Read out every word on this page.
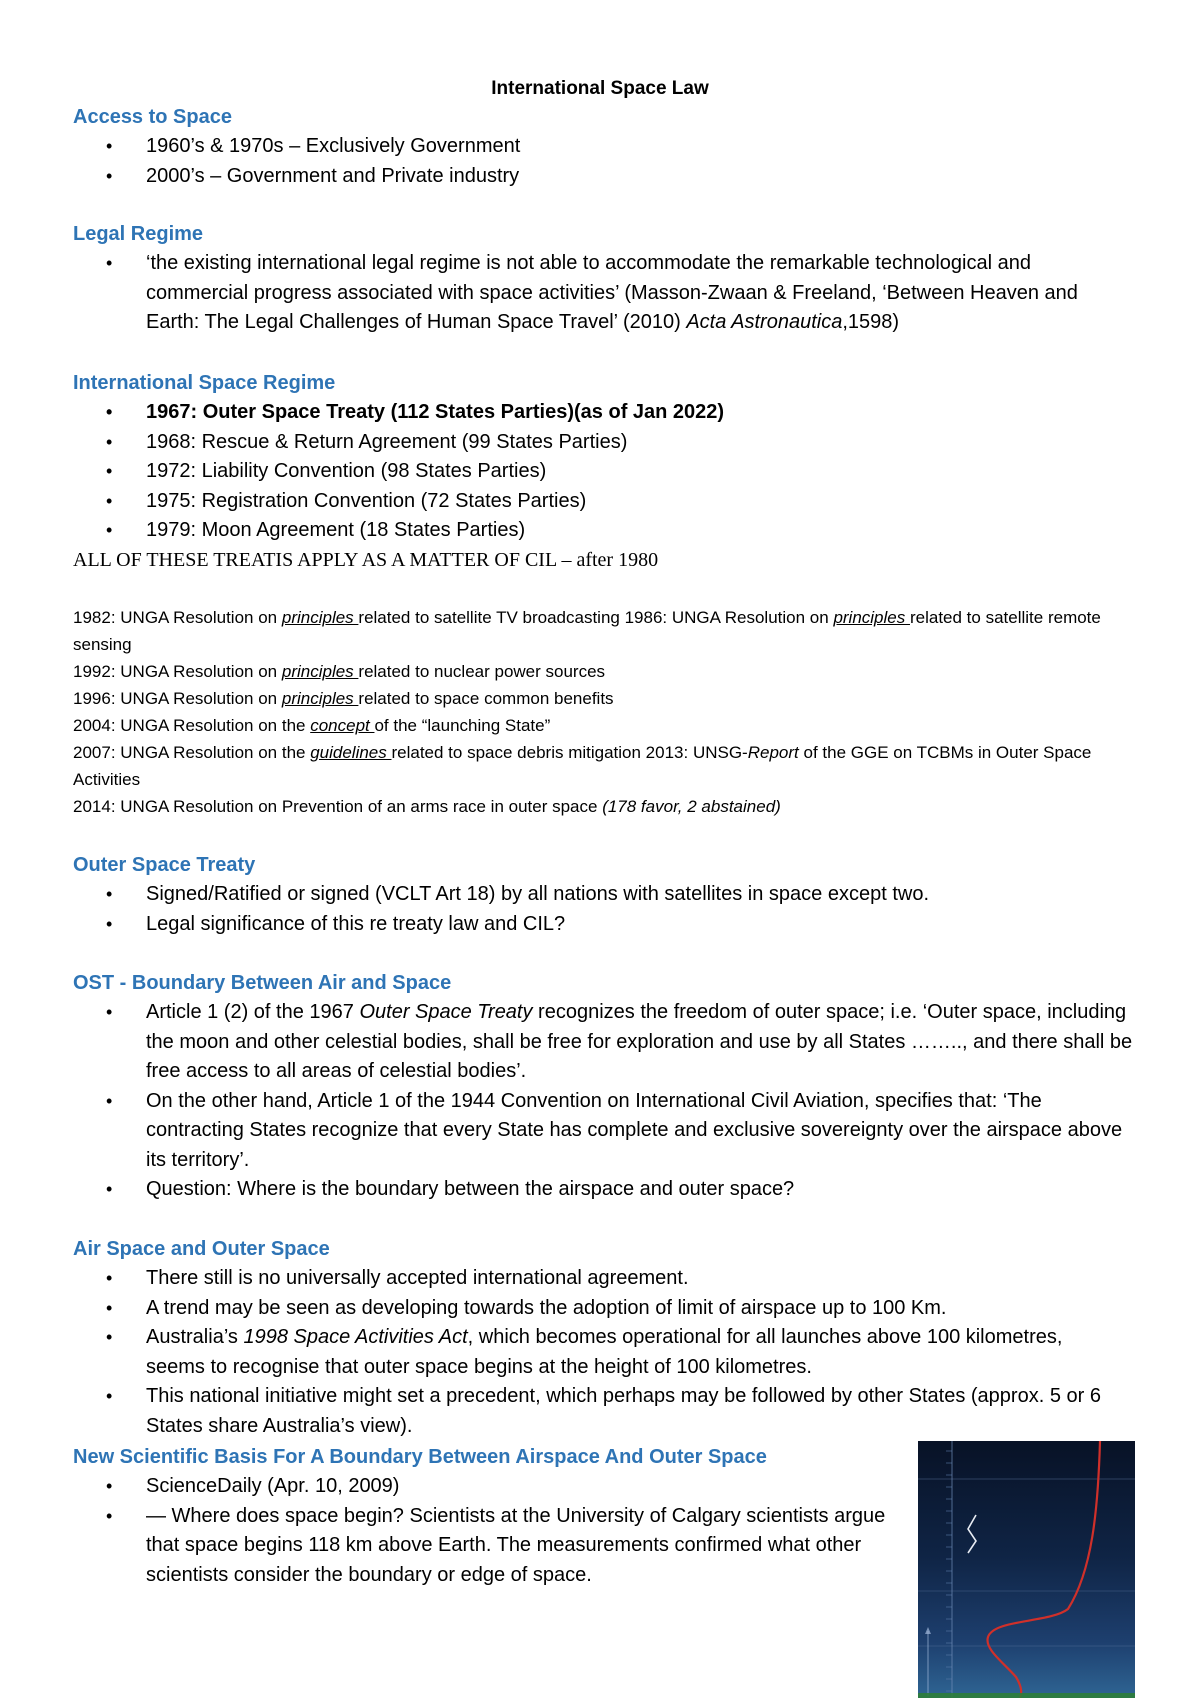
International Space Law
Access to Space
• 1960’s & 1970s – Exclusively Government
• 2000’s – Government and Private industry
Legal Regime
• ‘the existing international legal regime is not able to accommodate the remarkable technological and commercial progress associated with space activities’ (Masson-Zwaan & Freeland, ‘Between Heaven and Earth: The Legal Challenges of Human Space Travel’ (2010) Acta Astronautica,1598)
International Space Regime
• 1967: Outer Space Treaty (112 States Parties)(as of Jan 2022)
• 1968: Rescue & Return Agreement (99 States Parties)
• 1972: Liability Convention (98 States Parties)
• 1975: Registration Convention (72 States Parties)
• 1979: Moon Agreement (18 States Parties)
ALL OF THESE TREATIS APPLY AS A MATTER OF CIL – after 1980

1982: UNGA Resolution on principles related to satellite TV broadcasting 1986: UNGA Resolution on principles related to satellite remote sensing

1992: UNGA Resolution on principles related to nuclear power sources

1996: UNGA Resolution on principles related to space common benefits

2004: UNGA Resolution on the concept of the “launching State”

2007: UNGA Resolution on the guidelines related to space debris mitigation 2013: UNSG-Report of the GGE on TCBMs in Outer Space Activities

2014: UNGA Resolution on Prevention of an arms race in outer space (178 favor, 2 abstained)

Outer Space Treaty
• Signed/Ratified or signed (VCLT Art 18) by all nations with satellites in space except two.
• Legal significance of this re treaty law and CIL?
OST - Boundary Between Air and Space
• Article 1 (2) of the 1967 Outer Space Treaty recognizes the freedom of outer space; i.e. ‘Outer space, including the moon and other celestial bodies, shall be free for exploration and use by all States …….., and there shall be free access to all areas of celestial bodies’.
• On the other hand, Article 1 of the 1944 Convention on International Civil Aviation, specifies that: ‘The contracting States recognize that every State has complete and exclusive sovereignty over the airspace above its territory’.
• Question: Where is the boundary between the airspace and outer space?
Air Space and Outer Space
• There still is no universally accepted international agreement.
• A trend may be seen as developing towards the adoption of limit of airspace up to 100 Km.
• Australia’s 1998 Space Activities Act, which becomes operational for all launches above 100 kilometres, seems to recognise that outer space begins at the height of 100 kilometres.
• This national initiative might set a precedent, which perhaps may be followed by other States (approx. 5 or 6 States share Australia’s view).
New Scientific Basis For A Boundary Between Airspace And Outer Space
• ScienceDaily (Apr. 10, 2009)
• — Where does space begin? Scientists at the University of Calgary scientists argue that space begins 118 km above Earth. The measurements confirmed what other scientists consider the boundary or edge of space.
